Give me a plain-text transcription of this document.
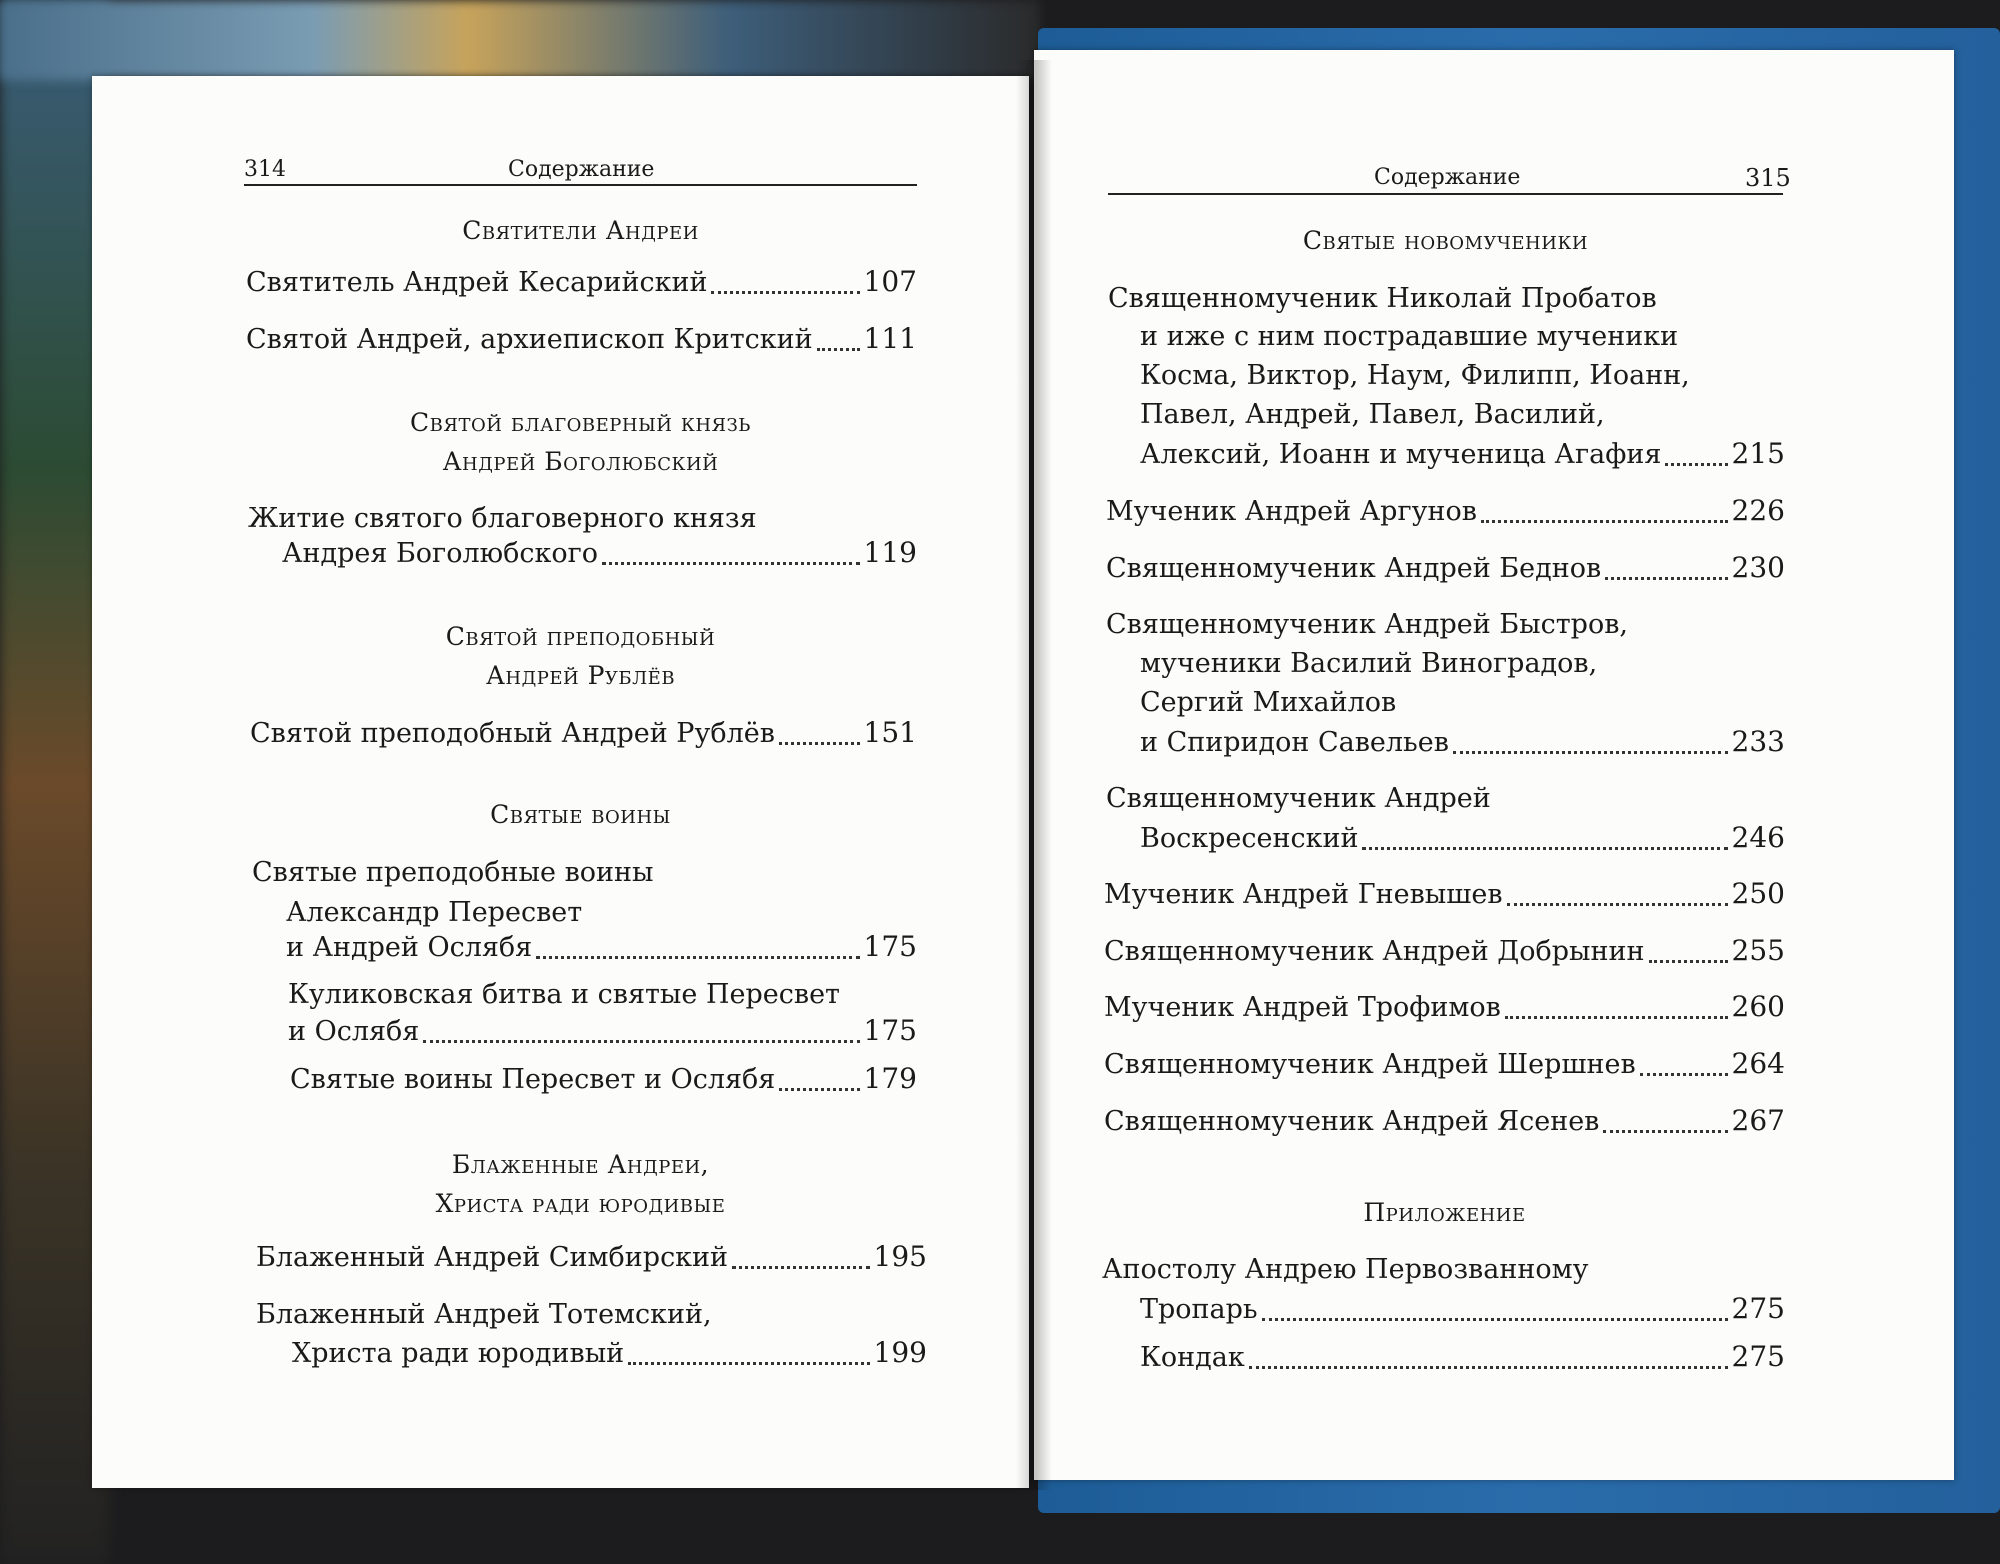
314	Содержание
Святители Андреи
Святитель Андрей Кесарийский	107
Святой Андрей, архиепископ Критский 111
Святой благоверный князь
Андрей Боголюбский
Житие святого благоверного князя
Андрея Боголюбского	119
Святой преподобный
Андрей Рублёв
Святой преподобный Андрей Рублёв	151
Святые воины
Святые преподобные воины
Александр Пересвет
и Андрей Ослябя	175
Куликовская битва и святые Пересвет
и Ослябя	175
Святые воины Пересвет и Ослябя	179
Блаженные Андреи,
Христа ради юродивые
Блаженный Андрей Симбирский	195
Блаженный Андрей Тотемский,
Христа ради юродивый	199
Содержание	315
Святые новомученики
Священномученик Николай Пробатов
и иже с ним пострадавшие мученики
Косма, Виктор, Наум, Филипп, Иоанн,
Павел, Андрей, Павел, Василий,
Алексий, Иоанн и мученица Агафия	215
Мученик Андрей Аргунов	226
Священномученик Андрей Беднов	230
Священномученик Андрей Быстров,
мученики Василий Виноградов,
Сергий Михайлов
и Спиридон Савельев	233
Священномученик Андрей
Воскресенский	246
Мученик Андрей Гневышев	250
Священномученик Андрей Добрынин	255
Мученик Андрей Трофимов	260
Священномученик Андрей Шершнев	264
Священномученик Андрей Ясенев	267
Приложение
Апостолу Андрею Первозванному
Тропарь	275
Кондак	275
